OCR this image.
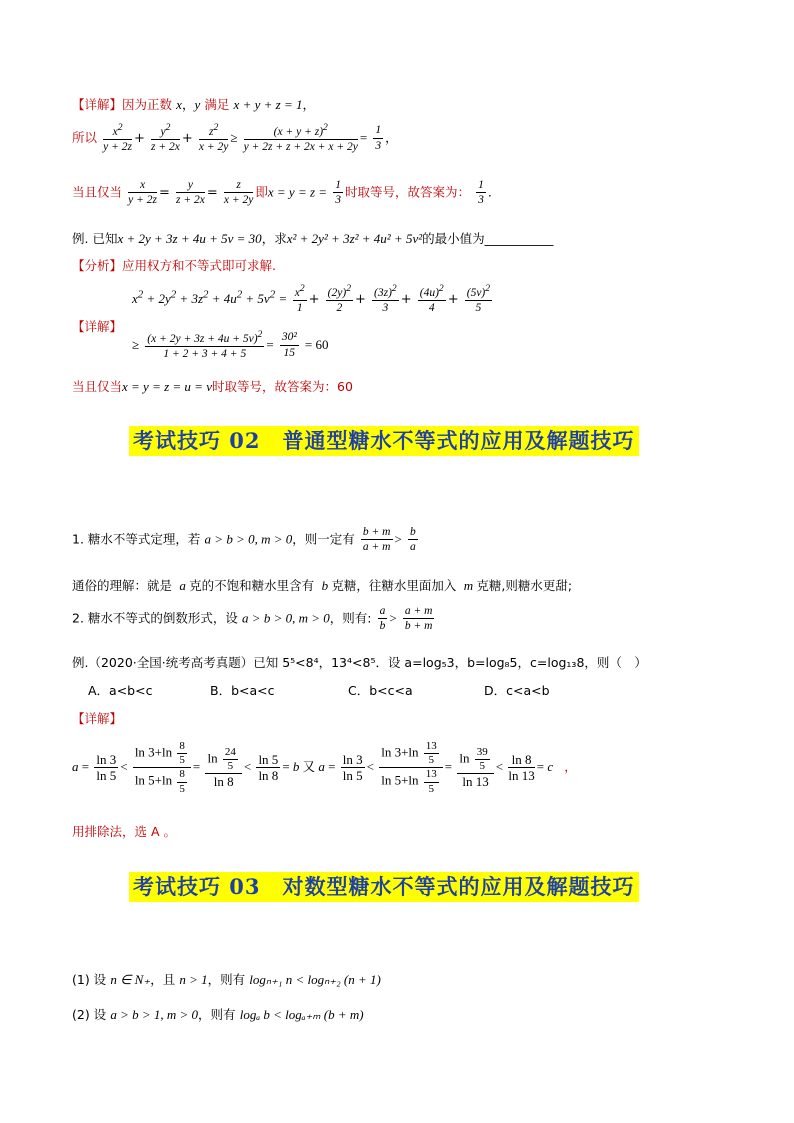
【详解】因为正数 x，y 满足 x + y + z = 1，
所以 $\frac{x^2}{y + 2z} + \frac{y^2}{z + 2x} + \frac{z^2}{x + 2y} \ge \frac{(x + y + z)^2}{y + 2z + z + 2x + x + 2y} = \frac{1}{3}$ ，
当且仅当 $\frac{x}{y + 2z} = \frac{y}{z + 2x} = \frac{z}{x + 2y}$ 即$x = y = z = \frac{1}{3}$ 时取等号，故答案为： $\frac{1}{3}$ .
例. 已知x + 2y + 3z + 4u + 5v = 30，求x² + 2y² + 3z² + 4u² + 5v²的最小值为___________
【分析】应用权方和不等式即可求解.
$x^2 + 2y^2 + 3z^2 + 4u^2 + 5v^2 = \frac{x^2}{1} + \frac{(2y)^2}{2} + \frac{(3z)^2}{3} + \frac{(4u)^2}{4} + \frac{(5v)^2}{5}$
【详解】
≥ $\frac{(x + 2y + 3z + 4u + 5v)^2}{1 + 2 + 3 + 4 + 5} = \frac{\text{30²}}{15} = 60$
当且仅当x = y = z = u = v时取等号，故答案为：60
考试技巧 02　普通型糖水不等式的应用及解题技巧
1. 糖水不等式定理，若 a > b > 0, m > 0，则一定有 $\frac{b + m}{a + m} > \frac{b}{a}$
通俗的理解：就是  a 克的不饱和糖水里含有  b 克糖，往糖水里面加入  m 克糖,则糖水更甜;
2. 糖水不等式的倒数形式，设 a > b > 0, m > 0，则有: $\frac{a}{b} > \frac{a + m}{b + m}$
例.（2020·全国·统考高考真题）已知 5⁵<8⁴，13⁴<8⁵．设 a=log₅3，b=log₈5，c=log₁₃8，则（　）
A．a<b<c	B．b<a<c	C．b<c<a	D．c<a<b
【详解】
$a = \frac{\ln 3}{\ln 5} < \frac{\ln 3+\ln \frac{8}{5}}{\ln 5+\ln \frac{8}{5}} = \frac{\ln \frac{24}{5}}{\ln 8} < \frac{\ln 5}{\ln 8} = b$ 又 $a = \frac{\ln 3}{\ln 5} < \frac{\ln 3+\ln \frac{13}{5}}{\ln 5+\ln \frac{13}{5}} = \frac{\ln \frac{39}{5}}{\ln 13} < \frac{\ln 8}{\ln 13} = c$   ，
用排除法，选 A 。
考试技巧 03　对数型糖水不等式的应用及解题技巧
(1) 设 n ∈ N₊，且 n > 1，则有 logₙ₊₁ n < logₙ₊₂ (n + 1)
(2) 设 a > b > 1, m > 0，则有 logₐ b < logₐ₊ₘ (b + m)
